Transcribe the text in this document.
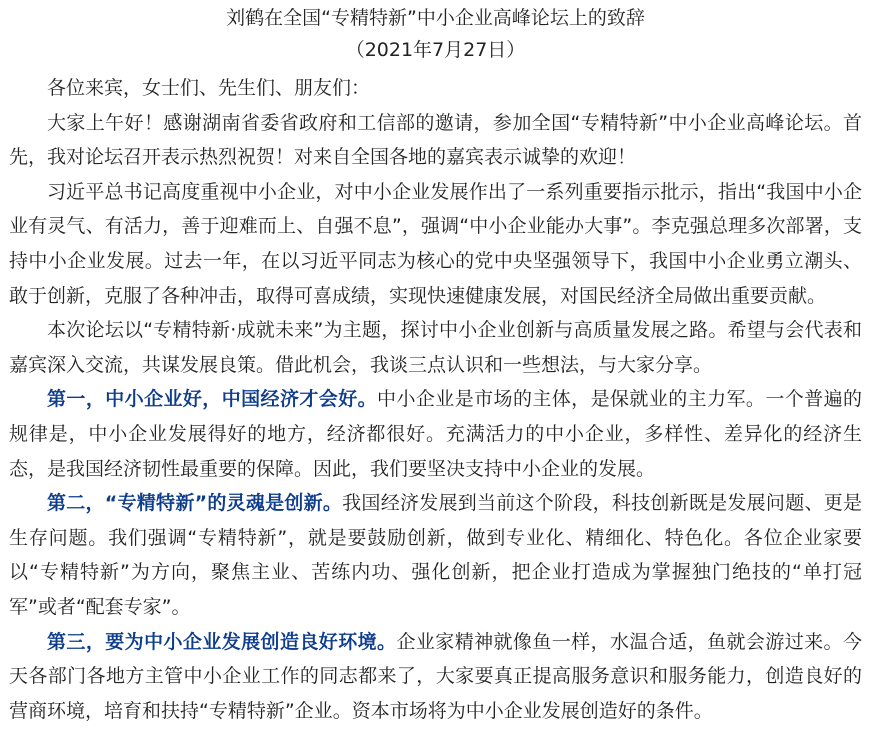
刘鹤在全国“专精特新”中小企业高峰论坛上的致辞
（2021年7月27日）

各位来宾，女士们、先生们、朋友们：

大家上午好！感谢湖南省委省政府和工信部的邀请，参加全国“专精特新”中小企业高峰论坛。首先，我对论坛召开表示热烈祝贺！对来自全国各地的嘉宾表示诚挚的欢迎！

习近平总书记高度重视中小企业，对中小企业发展作出了一系列重要指示批示，指出“我国中小企业有灵气、有活力，善于迎难而上、自强不息”，强调“中小企业能办大事”。李克强总理多次部署，支持中小企业发展。过去一年，在以习近平同志为核心的党中央坚强领导下，我国中小企业勇立潮头、敢于创新，克服了各种冲击，取得可喜成绩，实现快速健康发展，对国民经济全局做出重要贡献。

本次论坛以“专精特新·成就未来”为主题，探讨中小企业创新与高质量发展之路。希望与会代表和嘉宾深入交流，共谋发展良策。借此机会，我谈三点认识和一些想法，与大家分享。

第一，中小企业好，中国经济才会好。中小企业是市场的主体，是保就业的主力军。一个普遍的规律是，中小企业发展得好的地方，经济都很好。充满活力的中小企业，多样性、差异化的经济生态，是我国经济韧性最重要的保障。因此，我们要坚决支持中小企业的发展。

第二，“专精特新”的灵魂是创新。我国经济发展到当前这个阶段，科技创新既是发展问题、更是生存问题。我们强调“专精特新”，就是要鼓励创新，做到专业化、精细化、特色化。各位企业家要以“专精特新”为方向，聚焦主业、苦练内功、强化创新，把企业打造成为掌握独门绝技的“单打冠军”或者“配套专家”。

第三，要为中小企业发展创造良好环境。企业家精神就像鱼一样，水温合适，鱼就会游过来。今天各部门各地方主管中小企业工作的同志都来了，大家要真正提高服务意识和服务能力，创造良好的营商环境，培育和扶持“专精特新”企业。资本市场将为中小企业发展创造好的条件。
